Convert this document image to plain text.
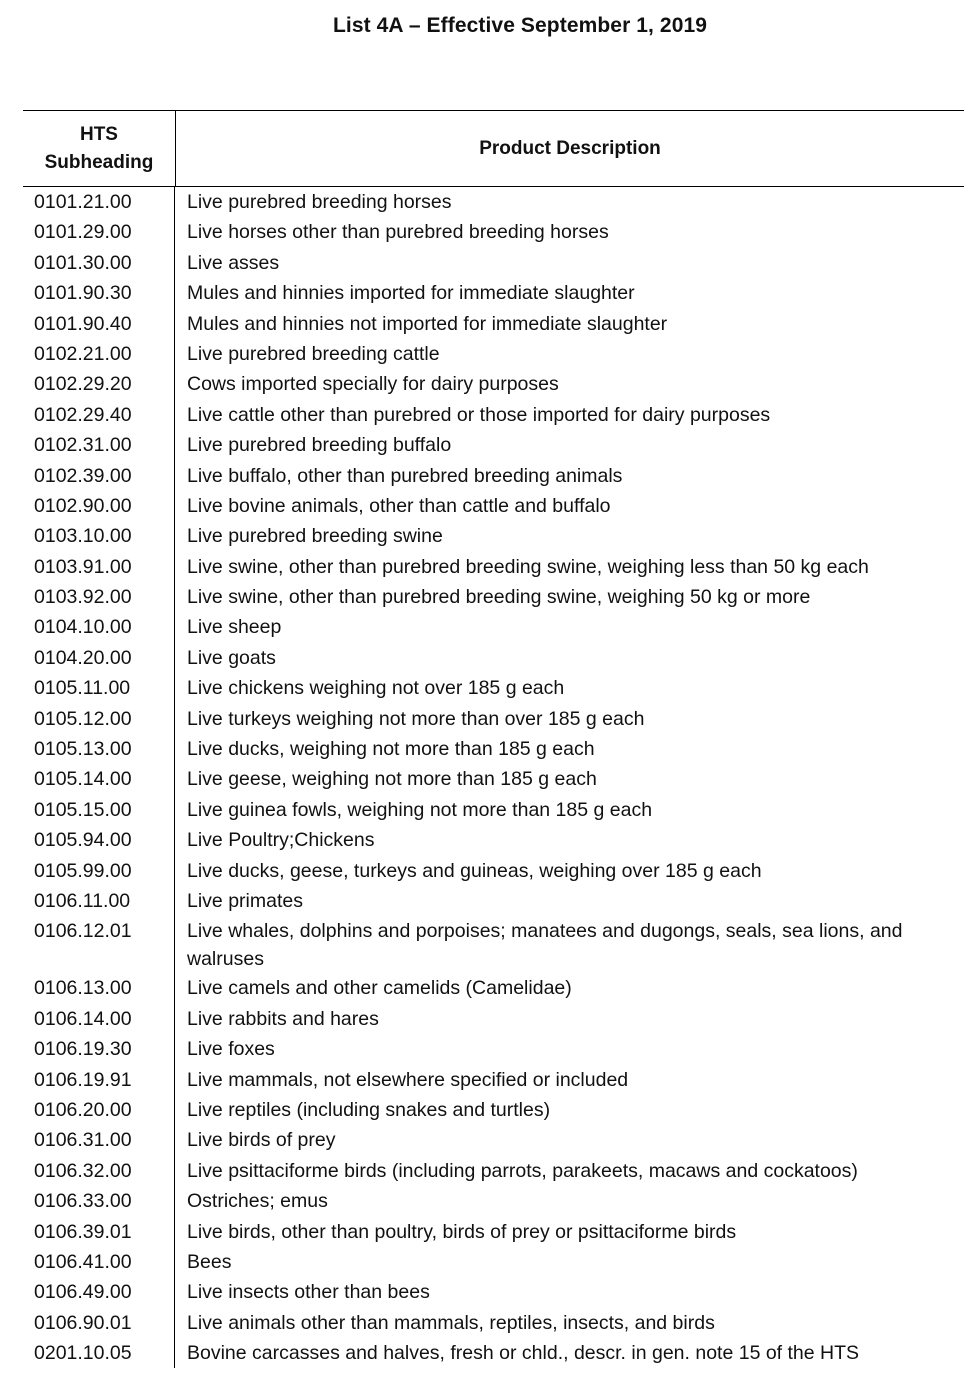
List 4A – Effective September 1, 2019
HTS
Subheading
Product Description
0101.21.00	Live purebred breeding horses
0101.29.00	Live horses other than purebred breeding horses
0101.30.00	Live asses
0101.90.30	Mules and hinnies imported for immediate slaughter
0101.90.40	Mules and hinnies not imported for immediate slaughter
0102.21.00	Live purebred breeding cattle
0102.29.20	Cows imported specially for dairy purposes
0102.29.40	Live cattle other than purebred or those imported for dairy purposes
0102.31.00	Live purebred breeding buffalo
0102.39.00	Live buffalo, other than purebred breeding animals
0102.90.00	Live bovine animals, other than cattle and buffalo
0103.10.00	Live purebred breeding swine
0103.91.00	Live swine, other than purebred breeding swine, weighing less than 50 kg each
0103.92.00	Live swine, other than purebred breeding swine, weighing 50 kg or more
0104.10.00	Live sheep
0104.20.00	Live goats
0105.11.00	Live chickens weighing not over 185 g each
0105.12.00	Live turkeys weighing not more than over 185 g each
0105.13.00	Live ducks, weighing not more than 185 g each
0105.14.00	Live geese, weighing not more than 185 g each
0105.15.00	Live guinea fowls, weighing not more than 185 g each
0105.94.00	Live Poultry;Chickens
0105.99.00	Live ducks, geese, turkeys and guineas, weighing over 185 g each
0106.11.00	Live primates
0106.12.01	Live whales, dolphins and porpoises; manatees and dugongs, seals, sea lions, and walruses
0106.13.00	Live camels and other camelids (Camelidae)
0106.14.00	Live rabbits and hares
0106.19.30	Live foxes
0106.19.91	Live mammals, not elsewhere specified or included
0106.20.00	Live reptiles (including snakes and turtles)
0106.31.00	Live birds of prey
0106.32.00	Live psittaciforme birds (including parrots, parakeets, macaws and cockatoos)
0106.33.00	Ostriches; emus
0106.39.01	Live birds, other than poultry, birds of prey or psittaciforme birds
0106.41.00	Bees
0106.49.00	Live insects other than bees
0106.90.01	Live animals other than mammals, reptiles, insects, and birds
0201.10.05	Bovine carcasses and halves, fresh or chld., descr. in gen. note 15 of the HTS
